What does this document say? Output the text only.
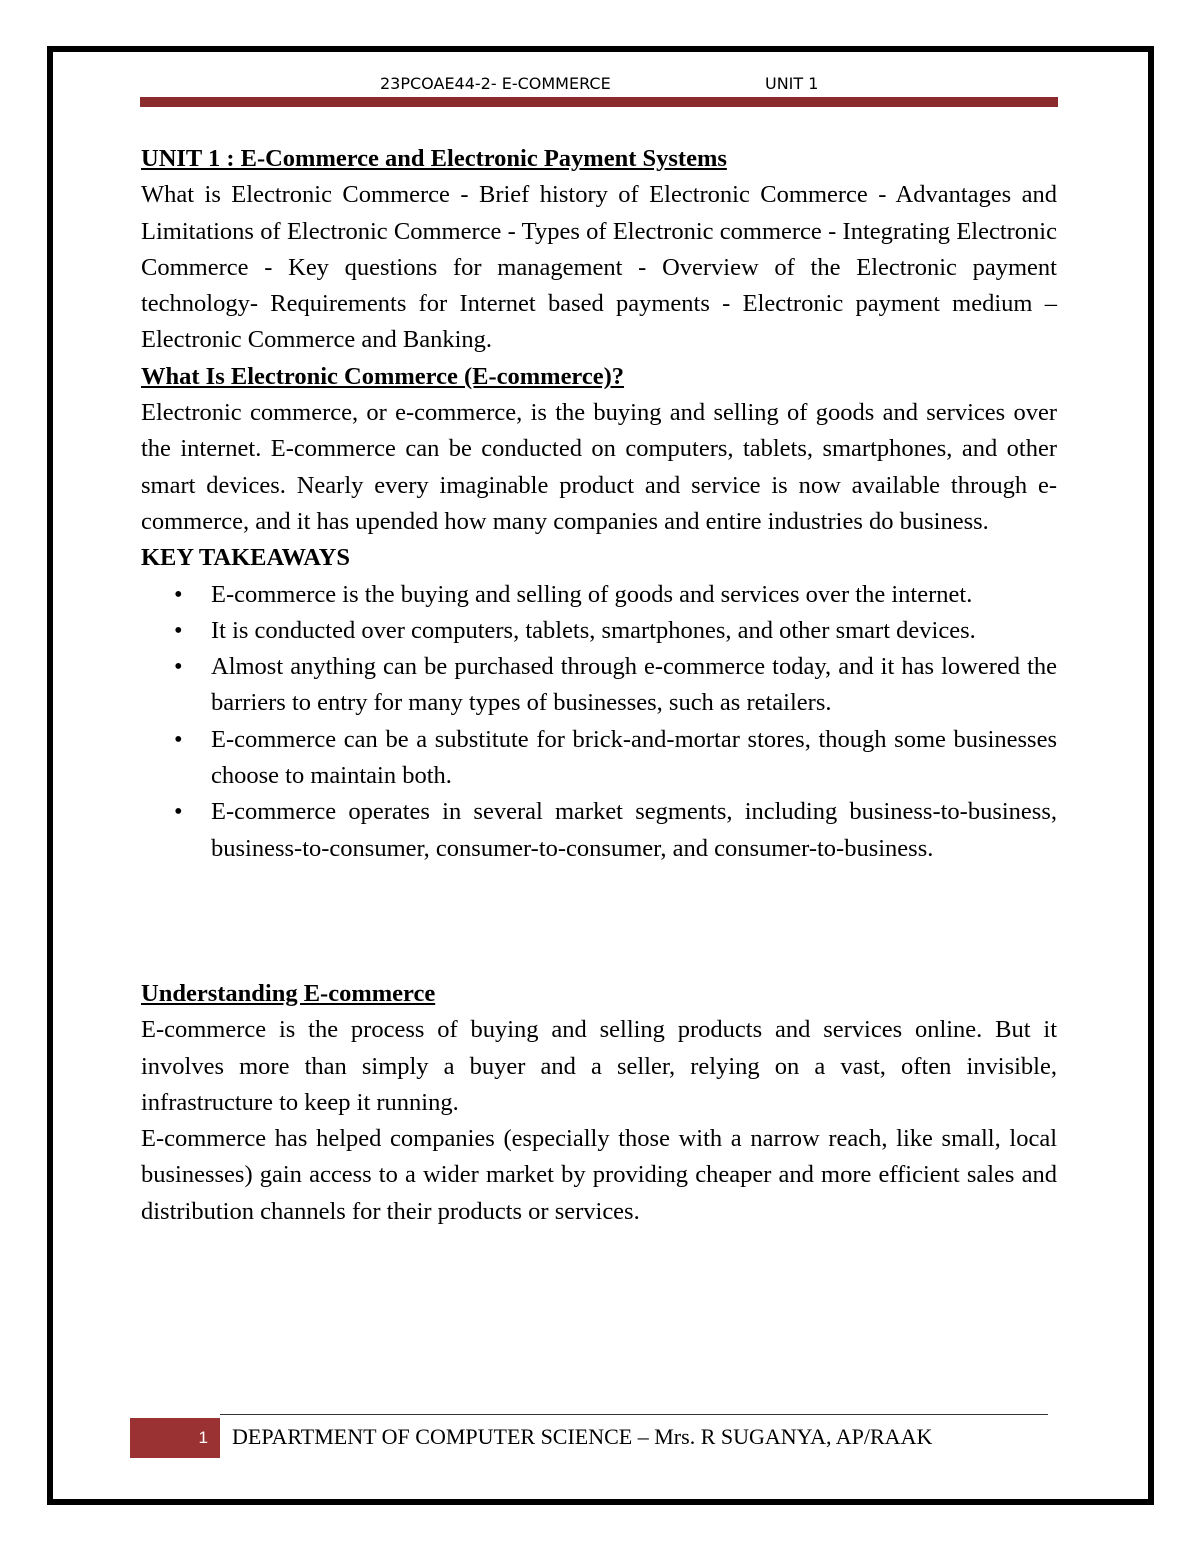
23PCOAE44-2- E-COMMERCE	UNIT 1

UNIT 1 : E-Commerce and Electronic Payment Systems

What is Electronic Commerce - Brief history of Electronic Commerce - Advantages and Limitations of Electronic Commerce - Types of Electronic commerce - Integrating Electronic Commerce - Key questions for management - Overview of the Electronic payment technology- Requirements for Internet based payments - Electronic payment medium – Electronic Commerce and Banking.

What Is Electronic Commerce (E-commerce)?

Electronic commerce, or e-commerce, is the buying and selling of goods and services over the internet. E-commerce can be conducted on computers, tablets, smartphones, and other smart devices. Nearly every imaginable product and service is now available through e-commerce, and it has upended how many companies and entire industries do business.

KEY TAKEAWAYS

• E-commerce is the buying and selling of goods and services over the internet.
• It is conducted over computers, tablets, smartphones, and other smart devices.
• Almost anything can be purchased through e-commerce today, and it has lowered the barriers to entry for many types of businesses, such as retailers.
• E-commerce can be a substitute for brick-and-mortar stores, though some businesses choose to maintain both.
• E-commerce operates in several market segments, including business-to-business, business-to-consumer, consumer-to-consumer, and consumer-to-business.

Understanding E-commerce

E-commerce is the process of buying and selling products and services online. But it involves more than simply a buyer and a seller, relying on a vast, often invisible, infrastructure to keep it running.

E-commerce has helped companies (especially those with a narrow reach, like small, local businesses) gain access to a wider market by providing cheaper and more efficient sales and distribution channels for their products or services.

1 DEPARTMENT OF COMPUTER SCIENCE – Mrs. R SUGANYA, AP/RAAK
